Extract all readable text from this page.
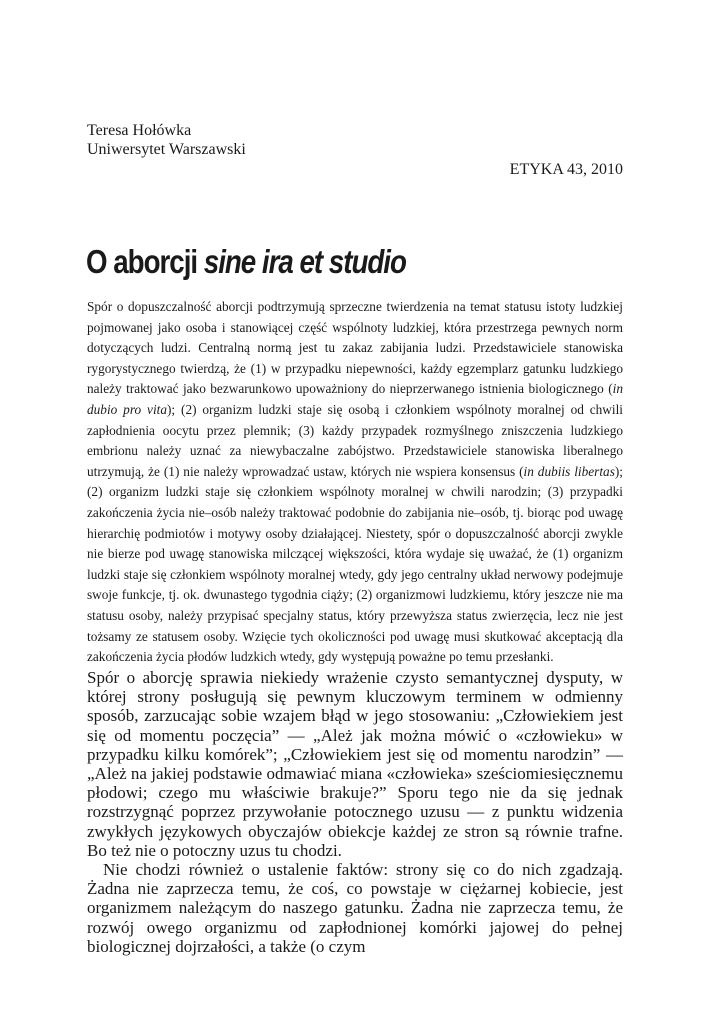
Teresa Hołówka
Uniwersytet Warszawski
ETYKA 43, 2010
O aborcji sine ira et studio

Spór o dopuszczalność aborcji podtrzymują sprzeczne twierdzenia na temat statusu istoty ludzkiej pojmowanej jako osoba i stanowiącej część wspólnoty ludzkiej, która przestrzega pewnych norm dotyczących ludzi. Centralną normą jest tu zakaz zabijania ludzi. Przedstawiciele stanowiska rygorystycznego twierdzą, że (1) w przypadku niepewności, każdy egzemplarz gatunku ludzkiego należy traktować jako bezwarunkowo upoważniony do nieprzerwanego istnienia biologicznego (in dubio pro vita); (2) organizm ludzki staje się osobą i członkiem wspólnoty moralnej od chwili zapłodnienia oocytu przez plemnik; (3) każdy przypadek rozmyślnego zniszczenia ludzkiego embrionu należy uznać za niewybaczalne zabójstwo. Przedstawiciele stanowiska liberalnego utrzymują, że (1) nie należy wprowadzać ustaw, których nie wspiera konsensus (in dubiis libertas); (2) organizm ludzki staje się członkiem wspólnoty moralnej w chwili narodzin; (3) przypadki zakończenia życia nie–osób należy traktować podobnie do zabijania nie–osób, tj. biorąc pod uwagę hierarchię podmiotów i motywy osoby działającej. Niestety, spór o dopuszczalność aborcji zwykle nie bierze pod uwagę stanowiska milczącej większości, która wydaje się uważać, że (1) organizm ludzki staje się członkiem wspólnoty moralnej wtedy, gdy jego centralny układ nerwowy podejmuje swoje funkcje, tj. ok. dwunastego tygodnia ciąży; (2) organizmowi ludzkiemu, który jeszcze nie ma statusu osoby, należy przypisać specjalny status, który przewyższa status zwierzęcia, lecz nie jest tożsamy ze statusem osoby. Wzięcie tych okoliczności pod uwagę musi skutkować akceptacją dla zakończenia życia płodów ludzkich wtedy, gdy występują poważne po temu przesłanki.

Spór o aborcję sprawia niekiedy wrażenie czysto semantycznej dysputy, w której strony posługują się pewnym kluczowym terminem w odmienny sposób, zarzucając sobie wzajem błąd w jego stosowaniu: „Człowiekiem jest się od momentu poczęcia” — „Ależ jak można mówić o «człowieku» w przypadku kilku komórek”; „Człowiekiem jest się od momentu narodzin” — „Ależ na jakiej podstawie odmawiać miana «człowieka» sześciomiesięcznemu płodowi; czego mu właściwie brakuje?” Sporu tego nie da się jednak rozstrzygnąć poprzez przywołanie potocznego uzusu — z punktu widzenia zwykłych językowych obyczajów obiekcje każdej ze stron są równie trafne. Bo też nie o potoczny uzus tu chodzi.

Nie chodzi również o ustalenie faktów: strony się co do nich zgadzają. Żadna nie zaprzecza temu, że coś, co powstaje w ciężarnej kobiecie, jest organizmem należącym do naszego gatunku. Żadna nie zaprzecza temu, że rozwój owego organizmu od zapłodnionej komórki jajowej do pełnej biologicznej dojrzałości, a także (o czym
